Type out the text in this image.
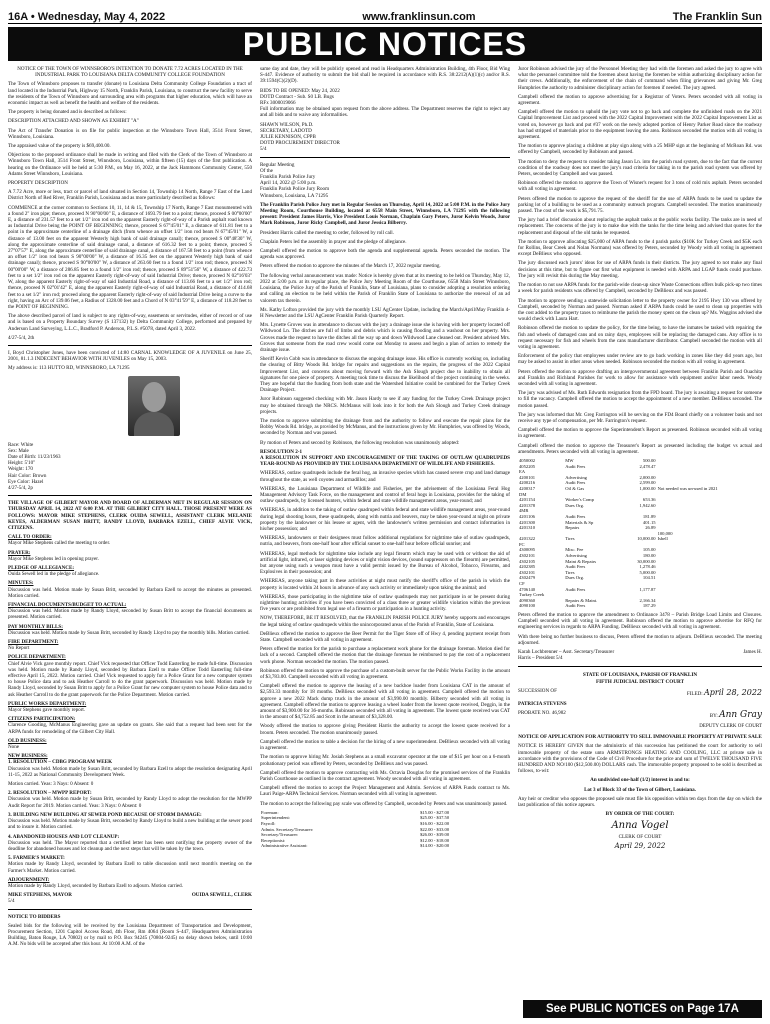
16A • Wednesday, May 4, 2022	www.franklinsun.com	The Franklin Sun
PUBLIC NOTICES

NOTICE OF THE TOWN OF WINNSBORO'S INTENTION TO DONATE 7.72 ACRES LOCATED IN THE INDUSTRIAL PARK TO LOUISIANA DELTA COMMUNITY COLLEGE FOUNDATION

The Town of Winnsboro proposes to transfer (donate) to Louisiana Delta Community College Foundation a tract of land located in the Industrial Park, Highway 15 North, Franklin Parish, Louisiana, to construct the new facility to serve the residents of the Town of Winnsboro and surrounding area with programs that higher education, which will have an economic impact as well as benefit the health and welfare of the residents.

The property is being donated and is described as follows:

DESCRIPTION ATTACHED AND SHOWN AS EXHIBIT "A"

The Act of Transfer Donation is on file for public inspection at the Winnsboro Town Hall, 3514 Front Street, Winnsboro, Louisiana.

The appraised value of the property is $69,400.00.

Objections to the proposed ordinance shall be made in writing and filed with the Clerk of the Town of Winnsboro at Winnsboro Town Hall, 3514 Front Street, Winnsboro, Louisiana, within fifteen (15) days of the first publication. A hearing on the Ordinance will be held at 5:30 P.M., on May 16, 2022, at the Jack Hammons Community Center, 550 Adams Street Winnsboro, Louisiana.

PROPERTY DESCRIPTION

A 7.72 Acre, more or less, tract or parcel of land situated in Section 14, Township 14 North, Range 7 East of the Land District North of Red River, Franklin Parish, Louisiana and as more particularly described as follows:

COMMENCE at the corner common to Sections 10, 11, 14 & 15, Township 17 North, Range 7 East monumented with a found 2" iron pipe; thence, proceed N 90°00'00" E, a distance of 1693.79 feet to a point; thence, proceed S 00°00'00" E, a distance of 231.57 feet to a set 1/2" iron rod on the apparent Easterly right-of-way of a Parish asphalt road known as Industrial Drive being the POINT OF BEGINNING; thence, proceed S 67°45'01" E, a distance of 611.81 feet to a point in the approximate centerline of a drainage ditch (from whence an offset 1/2" iron rod bears N 67°45'01" W, a distance of 13.00 feet on the apparent Westerly high bank of said drainage canal); thence, proceed S 00°48'30" W, along the approximate centerline of said drainage canal, a distance of 616.32 feet to a point; thence, proceed S 27°07'57" E, along the approximate centerline of said drainage canal, a distance of 167.58 feet to a point (from whence an offset 1/2" iron rod bears S 90°00'00" W, a distance of 16.35 feet on the apparent Westerly high bank of said drainage canal); thence, proceed S 90°00'00" W, a distance of 263.60 feet to a found 1/2" iron rod; thence, proceed N 00°00'00" W, a distance of 286.85 feet to a found 1/2" iron rod; thence, proceed S 89°51'56" W, a distance of 422.73 feet to a set 1/2" iron rod on the apparent Easterly right-of-way of said Industrial Drive; thence, proceed N 02°16'03" W, along the apparent Easterly right-of-way of said Industrial Road, a distance of 113.66 feet to a set 1/2" iron rod; thence, proceed N 02°01'42" E, along the apparent Easterly right-of-way of said Industrial Road, a distance of 414.68 feet to a set 1/2" iron rod; proceed along the apparent Easterly right-of-way of said Industrial Drive being a curve to the right, having an Arc of 139.06 feet, a Radius of 1328.00 feet and a Chord of N 03°41'59" E, a distance of 118.28 feet to the POINT OF BEGINNING.

The above described parcel of land is subject to any rights-of-way, easements or servitudes, either of record or of use and is based on a Property Boundary Survey (S 137132) by Delta Community College, performed and prepared by Anderson Land Surveying, L.L.C., Bradford P. Anderson, P.L.S. #5078, dated April 3, 2022.

4/27-5/4, 2th

I, Boyd Christopher Jones, have been convicted of 14:80 CARNAL KNOWLEDGE OF A JUVENILE on June 25, 2001, 81.1.3 INDECENT BEHAVIOR WITH JUVENILES on May 15, 2003.

My address is: 113 HUTTO RD, WINNSBORO, LA 71295

Race: White
Sex: Male
Date of Birth: 11/23/1963
Height: 5'10"
Weight: 170
Hair Color: Brown
Eye Color: Hazel

4/27-5/4, 2p

THE VILLAGE OF GILBERT MAYOR AND BOARD OF ALDERMAN MET IN REGULAR SESSION ON THURSDAY APRIL 14, 2022 AT 6:00 P.M. AT THE GILBERT CITY HALL. THOSE PRESENT WERE AS FOLLOWS: MAYOR MIKE STEPHENS, CLERK OUIDA SEWELL, ASSISTANT CLERK MELANIE KEYES, ALDERMAN SUSAN BRITT, RANDY LLOYD, BARBARA EZELL, CHIEF ALVIE VICK, CITIZENS.

CALL TO ORDER:

Mayor Mike Stephens called the meeting to order.

PRAYER:

Mayor Mike Stephens led in opening prayer.

PLEDGE OF ALLEGIANCE:

Ouida Sewell led in the pledge of allegiance.

MINUTES:

Discussion was held. Motion made by Susan Britt, seconded by Barbara Ezell to accept the minutes as presented. Motion carried.

FINANCIAL DOCUMENTS/BUDGET TO ACTUAL:

Discussion was held. Motion made by Randy Lloyd, seconded by Susan Britt to accept the financial documents as presented. Motion carried.

PAY MONTHLY BILLS:

Discussion was held. Motion made by Susan Britt, seconded by Randy Lloyd to pay the monthly bills. Motion carried.

FIRE DEPARTMENT:

No Report

POLICE DEPARTMENT:

Chief Alvie Vick gave monthly report. Chief Vick requested that Officer Todd Easterling be made full-time. Discussion was held. Motion made by Randy Lloyd, seconded by Barbara Ezell to make Officer Todd Easterling full-time effective April 15, 2022. Motion carried. Chief Vick requested to apply for a Police Grant for a new computer system to house Police data and to ask Heather Carroll to do the grant paperwork. Discussion was held. Motion made by Randy Lloyd, seconded by Susan Britt to apply for a Police Grant for new computer system to house Police data and to ask Heather Carroll to do the grant paperwork for the Police Department. Motion carried.

PUBLIC WORKS DEPARTMENT:

Mayor Stephens gave monthly report.

CITIZENS PARTICIPATION:

Clarence Gooding, McManus Engineering gave an update on grants. She said that a request had been sent for the ARPA funds for remodeling of the Gilbert City Hall.

OLD BUSINESS:

None

NEW BUSINESS:
1. RESOLUTION – CDBG PROGRAM WEEK

Discussion was held. Motion made by Susan Britt, seconded by Barbara Ezell to adopt the resolution designating April 11-15, 2022 as National Community Development Week.

Motion carried. Yeas: 3 Nays: 0 Absent: 0

2. RESOLUTION – MWPP REPORT:

Discussion was held. Motion made by Susan Britt, seconded by Randy Lloyd to adopt the resolution for the MWPP Audit Report for 2019. Motion carried. Yeas: 3 Nays: 0 Absent: 0

3. BUILDING NEW BUILDING AT SEWER POND BECAUSE OF STORM DAMAGE:

Discussion was held. Motion made by Susan Britt, seconded by Randy Lloyd to build a new building at the sewer pond and to insure it. Motion carried.

4. ABANDONED HOUSES AND LOT CLEANUP:

Discussion was held. The Mayor reported that a certified letter has been sent notifying the property owner of the deadline for abandoned houses and lot cleanup and the next steps that will be taken by the town.

5. FARMER'S MARKET:

Motion made by Randy Lloyd, seconded by Barbara Ezell to table discussion until next month's meeting on the Farmer's Market. Motion carried.

ADJOURNMENT:

Motion made by Randy Lloyd, seconded by Barbara Ezell to adjourn. Motion carried.

MIKE STEPHENS, MAYOR	OUIDA SEWELL, CLERK

5/4

NOTICE TO BIDDERS

Sealed bids for the following will be received by the Louisiana Department of Transportation and Development, Procurement Section, 1201 Capitol Access Road, 4th Floor, Rm 4064 (Room S-447, Headquarters Administration Building, Baton Rouge, LA 70802) or by mail to P.O. Box 94245 (70804-9245) no delay shown below, until 10:00 A.M. No bids will be accepted after this hour. At 10:00 A.M. of the

same day and date, they will be publicly opened and read in Headquarters Administration Building, 4th Floor, Bid Wing S-447. Evidence of authority to submit the bid shall be required in accordance with R.S. 38:2212(A)(1)(c) and/or R.S. 39:1594(C)(2)(D).

BIDS TO BE OPENED: May 24, 2022
DOTD Contract - Sub. S0 LB. Bugs
RFx 3000019066

Full information may be obtained upon request from the above address. The Department reserves the right to reject any and all bids and to waive any informalities.

SHAWN WILSON, Ph.D.
SECRETARY, LADOTD
JULIE KENNISON, CPPB
DOTD PROCUREMENT DIRECTOR
5/4
Regular Meeting
Of the
Franklin Parish Police Jury
April 14, 2022 @ 5:00 p.m.
Franklin Parish Police Jury Room
Winnsboro, Louisiana, LA 71295

The Franklin Parish Police Jury met in Regular Session on Thursday, April 14, 2022 at 5:00 P.M. in the Police Jury Meeting Room, Courthouse Building, located at 6558 Main Street, Winnsboro, LA 71295 with the following present: President James Harris, Vice President Louis Norman, Chaplain Gary Peters, Juror Kelvin Woods, Juror Mark Robinson, Juror Ricky Campbell, and Juror Jessica Bilberry.

President Harris called the meeting to order, followed by roll call.

Chaplain Peters led the assembly in prayer and the pledge of allegiance.

Campbell offered the motion to approve both the agenda and supplemental agenda. Peters seconded the motion. The agenda was approved.

Peters offered the motion to approve the minutes of the March 17, 2022 regular meeting.

The following verbal announcement was made: Notice is hereby given that at its meeting to be held on Thursday, May 12, 2022 at 5:00 p.m. at its regular place, the Police Jury Meeting Room of the Courthouse, 6558 Main Street Winnsboro, Louisiana, the Police Jury of the Parish of Franklin, State of Louisiana, plans to consider adopting a resolution ordering and calling an election to be held within the Parish of Franklin State of Louisiana to authorize the renewal of an ad valorem tax therein.

Ms. Kathy Lofton provided the jury with the monthly LSU AgCenter Update, including the March/April/May Franklin 4-H Newsletter and the LSU AgCenter Franklin Parish Quarterly Report.

Mrs. Lynette Groves was in attendance to discuss with the jury a drainage issue she is having with her property located off Wildwood Ln. The ditches are full of limbs and debris which is causing flooding and a washout on her property. Mrs. Groves made the request to have the ditches all the way up and down Wildwood Lane cleaned out. President advised Mrs. Groves that someone from the road crew would come out Monday to assess and begin a plan of action to remedy the drainage issue.

Sheriff Kevin Cobb was in attendance to discuss the ongoing drainage issue. His office is currently working on, including the clearing of Bitty Woods Rd. bridge for repairs and suggestions on the repairs, the progress of the 2022 Capital Improvement List, and concerns about moving forward with the Ash Slough project due to inability to obtain all signatures for one piece of property. A meeting took time to discuss the likelihood of the project continuing in the weeks. They are hopeful that the funding from both state and the Watershed Initiative could be combined for the Turkey Creek Drainage Project.

Juror Robinson suggested checking with Mr. Jason Hardy to see if any funding for the Turkey Creek Drainage project may be obtained through the NRCS. McManus will look into it for both the Ash Slough and Turkey Creek drainage projects.

The motion to approve submitting the drainage from and the authority to follow and execute the repair plans for the Bobby Woods Rd. bridge, as provided by McManus, and the instructions given by Mr. Humphries, was offered by Woods, seconded by Norman and was passed.

By motion of Peters and second by Robinson, the following resolution was unanimously adopted:

RESOLUTION 2-1

A RESOLUTION IN SUPPORT AND ENCOURAGEMENT OF THE TAKING OF OUTLAW QUADRUPEDS YEAR-ROUND AS PROVIDED BY THE LOUISIANA DEPARTMENT OF WILDLIFE AND FISHERIES.

WHEREAS, outlaw quadrupeds include the feral hog, an invasive species which has caused severe crop and land damage throughout the state, as well coyotes and armadillos; and

WHEREAS, the Louisiana Department of Wildlife and Fisheries, per the advisement of the Louisiana Feral Hog Management Advisory Task Force, on the management and control of feral hogs in Louisiana, provides for the taking of outlaw quadrupeds, by licensed hunters, within federal and state wildlife management areas, year-round; and

WHEREAS, in addition to the taking of outlaw quadruped within federal and state wildlife management areas, year-round during legal shooting hours, these quadrupeds, along with nutria and beavers, may be taken year-round at night on private property by the landowner or his lessee or agent, with the landowner's written permission and contact information in his/her possession; and

WHEREAS, landowners or their designees must follow additional regulations for nighttime take of outlaw quadrupeds, nutria, and beavers, from one-half hour after official sunset to one-half hour before official sunrise; and

WHEREAS, legal methods for nighttime take include any legal firearm which may be used with or without the aid of artificial light, infrared, or laser sighting devices or night vision devices, (sound suppressors on the firearm) are permitted, but anyone using such a weapon must have a valid permit issued by the Bureau of Alcohol, Tobacco, Firearms, and Explosives in their possession; and

WHEREAS, anyone taking part in these activities at night must notify the sheriff's office of the parish in which the property is located within 24 hours in advance of any such activity or immediately upon taking the animal; and

WHEREAS, those participating in the nighttime take of outlaw quadrupeds may not participate in or be present during nighttime hunting activities if you have been convicted of a class three or greater wildlife violation within the previous five years or are prohibited from legal use of a firearm or participation in a hunting activity.

NOW, THEREFORE, BE IT RESOLVED, that the FRANKLIN PARISH POLICE JURY hereby supports and encourages the legal taking of outlaw quadrupeds within the unincorporated areas of the Parish of Franklin, State of Louisiana.

DeBlieux offered the motion to approve the Beer Permit for the Tiger Store off of Hwy 4, pending payment receipt from State. Campbell seconded with all voting in agreement.

Peters offered the motion for the parish to purchase a replacement work phone for the drainage foreman. Motion died for lack of a second. Campbell offered the motion that the drainage foreman be reimbursed to pay the cost of a replacement work phone. Norman seconded the motion. The motion passed.

Robinson offered the motion to approve the purchase of a custom-built server for the Public Works Facility in the amount of $3,783.00. Campbell seconded with all voting in agreement.

Campbell offered the motion to approve the leasing of a new backhoe loader from Louisiana CAT in the amount of $2,593.33 monthly for 18 months. DeBlieux seconded with all voting in agreement. Campbell offered the motion to approve a new 2022 Mack dump truck in the amount of $3,990.00 monthly. Bilberry seconded with all voting in agreement. Campbell offered the motion to approve leasing a wheel loader from the lowest quote received, Deggin, in the amount of $3,900.00 for 36-months. Robinson seconded with all voting in agreement. The lowest quote received was CAT in the amount of $4,752.85 and Scott in the amount of $3,328.00.

Woody offered the motion to approve giving President Harris the authority to accept the lowest quote received for a broom. Peters seconded. The motion unanimously passed.

Campbell offered the motion to table a decision for the hiring of a new superintendent. DeBlieux seconded with all voting in agreement.

The motion to approve hiring Mr. Josiah Stephens as a small excavator operator at the rate of $15 per hour on a 6-month probationary period was offered by Peters, seconded by DeBlieux and was passed.

Campbell offered the motion to approve contracting with Ms. Octavia Douglas for the promised services of the Franklin Parish Courthouse as outlined in the contract agreement. Woody seconded with all voting in agreement.

Campbell offered the motion to accept the Project Management and Admin. Services of ARPA Funds contract to Ms. Lauri Paige-ARPA Technical Services. Norman seconded with all voting in agreement.

The motion to accept the following pay scale was offered by Campbell, seconded by Peters and was unanimously passed.

Foreman:	$15.00 - $27.00
Superintendent:	$25.00 - $37.50
Payroll:	$16.00 - $22.00
Admin. Secretary/Treasurer:	$22.00 - $33.00
Secretary/Treasurer:	$26.00 - $39.00
Receptionist:	$12.00 - $18.00
Administrative Assistant:	$14.00 - $20.00

Juror Robinson advised the jury of the Personnel Meeting they had with the foremen and asked the jury to agree with what the personnel committee told the foremen about having the foremen be within authorizing disciplinary action for their crews. Additionally, the enforcement of the chain of command when filing grievances and giving Mr. Greg Humphries the authority to administer disciplinary action for foremen if needed. The jury agreed.

Campbell offered the motion to approve advertising for a Registrar of Voters. Peters seconded with all voting in agreement.

Campbell offered the motion to uphold the jury vote not to go back and complete the unfinished roads on the 2021 Capital Improvement List and proceed with the 2022 Capital Improvement with the 2022 Capital Improvement List as voted on, however go back and put #37 work on the newly adopted portion of Henry Parker Road since the roadway has had stripped of materials prior to the equipment leaving the area. Robinson seconded the motion with all voting in agreement.

The motion to approve placing a children at play sign along with a 25 MHP sign at the beginning of McRoan Rd. was offered by Campbell, seconded by Robinson and passed.

The motion to deny the request to consider taking Jason Ln. into the parish road system, due to the fact that the current condition of the roadway does not meet the jury's road criteria for taking in to the parish road system was offered by Peters, seconded by Campbell and was passed.

Robinson offered the motion to approve the Town of Wisner's request for 3 tons of cold mix asphalt. Peters seconded with all voting in agreement.

Peters offered the motion to approve the request of the sheriff for the use of ARPA funds to be used to update the parking lot of a building to be used as a community outreach program. Campbell seconded. The motion unanimously passed. The cost of the work is $5,791.75.

The jury had a brief discussion about replacing the asphalt tanks at the public works facility. The tanks are in need of replacement. The concerns of the jury is to make due with the tanks for the time being and advised that quotes for the replacement and disposal of the old tanks be requested.

The motion to approve allocating $25,000 of ARPA funds to the 4 parish parks ($10K for Turkey Creek and $5K each for Rollins, Bear Creek and Nolan Normans) was offered by Peters, seconded by Woody with all voting in agreement except DeBlieux who opposed.

The jury discussed each jurors' ideas for use of ARPA funds in their districts. The jury agreed to not make any final decisions at this time, but to figure out first what equipment is needed with ARPA and LGAP funds could purchase. The jury will revisit this during the May meeting.

The motion to not use ARPA funds for the parish-wide clean-up since Waste Connections offers bulk pick-up two times a week for parish residents was offered by Campbell, seconded by DeBlieux and was passed.

The motion to approve sending a statewide solicitation letter to the property owner for 2195 Hwy 130 was offered by Campbell, seconded by Norman and passed. Norman asked if ARPA funds could be used to clean up properties with the cost added to the property taxes to reimburse the parish the money spent on the clean up? Ms. Waggins advised she would check with Laura Hart.

Robinson offered the motion to update the policy, for the time being, to have the inmates be tasked with repairing the fish and wheels of damaged cans and on rainy days, employees will be replacing the damaged cans. Any office is to request necessary for fish and wheels from the cans manufacturer distributor. Campbell seconded the motion with all voting in agreement.

Enforcement of the policy that employees under review are to go back working in zones like they did years ago, but may be asked to assist in other areas when needed. Robinson seconded the motion with all voting in agreement.

Peters offered the motion to approve drafting an intergovernmental agreement between Franklin Parish and Ouachita and Franklin and Richland Parishes for work to allow for assistance with equipment and/or labor needs. Woody seconded with all voting in agreement.

The jury was advised of Ms. Ruth Edwards resignation from the FPD board. The jury is awaiting a request for someone to fill the vacancy. Campbell offered the motion to accept the appointment of a new member. DeBlieux seconded. The motion passed.

The jury was informed that Mr. Greg Farrington will be serving on the FD4 Board chiefly on a volunteer basis and not receive any type of compensation, per Mr. Farrington's request.

Campbell offered the motion to approve the Superintendent's Report as presented. Robinson seconded with all voting in agreement.

Campbell offered the motion to approve the Treasurer's Report as presented including the budget vs actual and amendments. Peters seconded with all voting in agreement.

4050002	MW	500.00	
4052205	Audit Fees	2,478.47	
EA			
4200101	Advertising	2,000.00	
4200216	Audit Fees	2,599.00	
4200317	Oil & Gas	1,000.00	Not needed was un-used in 2021
DM			
4201154	Worker's Comp	653.36	
4201378	Dues Org.	1,942.60	
4MR			
4201106	Audit Fees	181.89	
4201300	Materials & Sp	401.15	
4201310	Repairs	26.89	
			100,000
4201322	Tires	10,000.00	Isbell
FC			
4300095	Misc. Fee	105.00	
4302101	Advertising	180.00	
4302105	Maint & Repairs	30,000.00	
4202385	Audit Fees	1,278.46	
4302101	Tires	5,000.00	
4302479	Dues Org.	104.51	
CF			
4706140	Audit Fees	1,177.87	
Turkey Creek			
4090360	Repairs & Maint.	2,166.34	
4090100	Audit Fees	187.29	

Peters offered the motion to approve the amendment to Ordinance 3478 – Parish Bridge Load Limits and Closures. Campbell seconded with all voting in agreement. Robinson offered the motion to approve advertise for RFQ for engineering services in regards to ARPA Funding. DeBlieux seconded with all voting in agreement.

With there being no further business to discuss, Peters offered the motion to adjourn. DeBlieux seconded. The meeting adjourned.

Karah Lochbrenner – Asst. Secretary/Treasurer	James H.
Harris – President 5/4
STATE OF LOUISIANA, PARISH OF FRANKLIN
FIFTH JUDICIAL DISTRICT COURT
SUCCESSION OF	FILED: April 28, 2022
PATRICIA STEVENS
PROBATE NO. 46,982	BY: Ann Gray
DEPUTY CLERK OF COURT
NOTICE OF APPLICATION FOR AUTHORITY TO SELL IMMOVABLE PROPERTY AT PRIVATE SALE

NOTICE IS HEREBY GIVEN that the administrix of this succession has petitioned the court for authority to sell immovable property of the estate unto ARMSTRONGS HEATING AND COOLING, LLC at private sale in accordance with the provisions of the Code of Civil Procedure for the price and sum of TWELVE THOUSAND FIVE HUNDRED AND NO/100 ($12,500.00) DOLLARS cash. The immovable property proposed to be sold is described as follows, to-wit:

An undivided one-half (1/2) interest in and to:

Lot 3 of Block 33 of the Town of Gilbert, Louisiana.

Any heir or creditor who opposes the proposed sale must file his opposition within ten days from the day on which the last publication of this notice appears.

BY ORDER OF THE COURT:
Anna Vogel
CLERK OF COURT
April 29, 2022
See PUBLIC NOTICES on Page 17A
